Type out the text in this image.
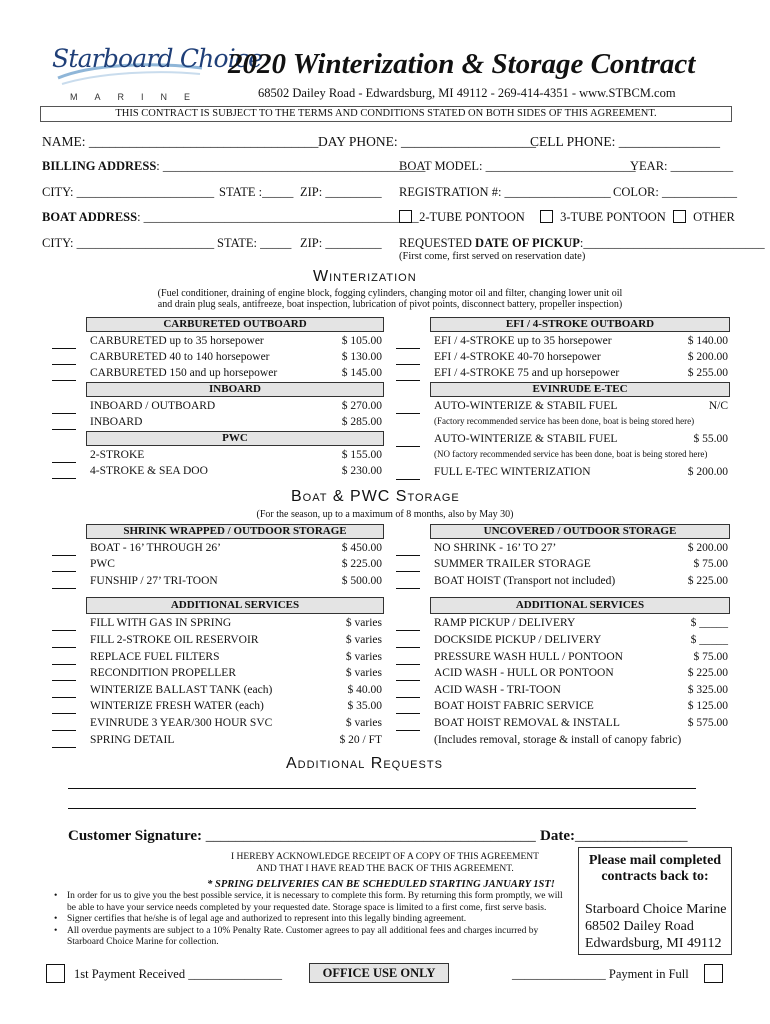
Starboard Choice
MARINE
2020 Winterization & Storage Contract
68502 Dailey Road - Edwardsburg, MI 49112 - 269-414-4351 - www.STBCM.com
THIS CONTRACT IS SUBJECT TO THE TERMS AND CONDITIONS STATED ON BOTH SIDES OF THIS AGREEMENT.
NAME: __________________________________ DAY PHONE: ____________________
CELL PHONE: _______________
BILLING ADDRESS: __________________________________________
BOAT MODEL: ________________________
YEAR: __________
CITY: ______________________ STATE :_____ ZIP: _________ REGISTRATION #: _________________ COLOR: ____________
BOAT ADDRESS: ____________________________________________ 2-TUBE PONTOON	3-TUBE PONTOON	OTHER
CITY: ______________________ STATE: _____ ZIP: _________ REQUESTED DATE OF PICKUP:_____________________________
(First come, first served on reservation date)
Winterization
(Fuel conditioner, draining of engine block, fogging cylinders, changing motor oil and filter, changing lower unit oil
and drain plug seals, antifreeze, boat inspection, lubrication of pivot points, disconnect battery, propeller inspection)
CARBURETED OUTBOARD
CARBURETED up to 35 horsepower	$ 105.00
CARBURETED 40 to 140 horsepower	$ 130.00
CARBURETED 150 and up horsepower	$ 145.00
INBOARD
INBOARD / OUTBOARD	$ 270.00
INBOARD	$ 285.00
PWC
2-STROKE	$ 155.00
4-STROKE & SEA DOO	$ 230.00
EFI / 4-STROKE OUTBOARD
EFI / 4-STROKE up to 35 horsepower	$ 140.00
EFI / 4-STROKE 40-70 horsepower	$ 200.00
EFI / 4-STROKE 75 and up horsepower	$ 255.00
EVINRUDE E-TEC
AUTO-WINTERIZE & STABIL FUEL	N/C
(Factory recommended service has been done, boat is being stored here)
AUTO-WINTERIZE & STABIL FUEL	$ 55.00
(NO factory recommended service has been done, boat is being stored here)
FULL E-TEC WINTERIZATION	$ 200.00
Boat & PWC Storage
(For the season, up to a maximum of 8 months, also by May 30)
SHRINK WRAPPED / OUTDOOR STORAGE
BOAT - 16’ THROUGH 26’	$ 450.00
PWC	$ 225.00
FUNSHIP / 27’ TRI-TOON	$ 500.00
UNCOVERED / OUTDOOR STORAGE
NO SHRINK - 16’ TO 27’	$ 200.00
SUMMER TRAILER STORAGE	$ 75.00
BOAT HOIST (Transport not included)	$ 225.00
ADDITIONAL SERVICES
FILL WITH GAS IN SPRING	$ varies
FILL 2-STROKE OIL RESERVOIR	$ varies
REPLACE FUEL FILTERS	$ varies
RECONDITION PROPELLER	$ varies
WINTERIZE BALLAST TANK (each)	$ 40.00
WINTERIZE FRESH WATER (each)	$ 35.00
EVINRUDE 3 YEAR/300 HOUR SVC	$ varies
SPRING DETAIL	$ 20 / FT
ADDITIONAL SERVICES
RAMP PICKUP / DELIVERY	$ _____
DOCKSIDE PICKUP / DELIVERY	$ _____
PRESSURE WASH HULL / PONTOON	$ 75.00
ACID WASH - HULL OR PONTOON	$ 225.00
ACID WASH - TRI-TOON	$ 325.00
BOAT HOIST FABRIC SERVICE	$ 125.00
BOAT HOIST REMOVAL & INSTALL	$ 575.00
(Includes removal, storage & install of canopy fabric)
Additional Requests
Customer Signature: ____________________________________________ Date:_______________
I HEREBY ACKNOWLEDGE RECEIPT OF A COPY OF THIS AGREEMENT
AND THAT I HAVE READ THE BACK OF THIS AGREEMENT.
* SPRING DELIVERIES CAN BE SCHEDULED STARTING JANUARY 1ST!
• In order for us to give you the best possible service, it is necessary to complete this form. By returning this form promptly, we will be able to have your service needs completed by your requested date. Storage space is limited to a first come, first serve basis.
• Signer certifies that he/she is of legal age and authorized to represent into this legally binding agreement.
• All overdue payments are subject to a 10% Penalty Rate. Customer agrees to pay all additional fees and charges incurred by Starboard Choice Marine for collection.
Please mail completed contracts back to:
Starboard Choice Marine
68502 Dailey Road
Edwardsburg, MI 49112
1st Payment Received _______________	OFFICE USE ONLY	_______________ Payment in Full
